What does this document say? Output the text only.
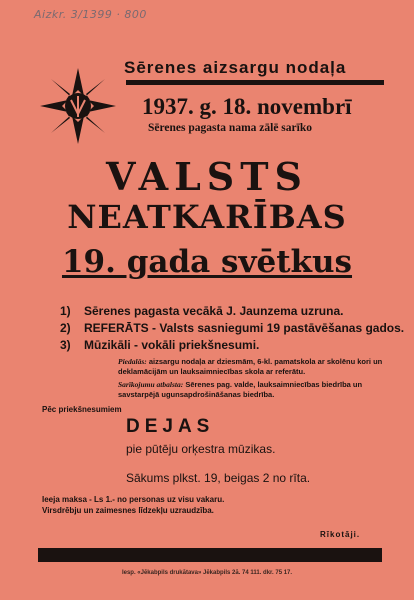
Aizkr. 3/1399 · 800
Sērenes aizsargu nodaļa
1937. g. 18. novembrī
Sērenes pagasta nama zālē sarīko
VALSTS
NEATKARĪBAS
19. gada svētkus
1) Sērenes pagasta vecākā J. Jaunzema uzruna.
2) REFERĀTS - Valsts sasniegumi 19 pastāvēšanas gados.
3) Mūzikāli - vokāli priekšnesumi.
Piedalās: aizsargu nodaļa ar dziesmām, 6-kl. pamatskola ar skolēnu kori un deklamācijām un lauksaimniecības skola ar referātu.
Sarīkojumu atbalsta: Sērenes pag. valde, lauksaimniecības biedrība un savstarpējā ugunsapdrošināšanas biedrība.
Pēc priekšnesumiem
DEJAS
pie pūtēju orķestra mūzikas.
Sākums plkst. 19, beigas 2 no rīta.
Ieeja maksa - Ls 1.- no personas uz visu vakaru.
Virsdrēbju un zaimesnes līdzekļu uzraudzība.
Rīkotāji.
Iesp. «Jēkabpils drukātava» Jēkabpils 2ā. 74 111. dkr. 75 17.
